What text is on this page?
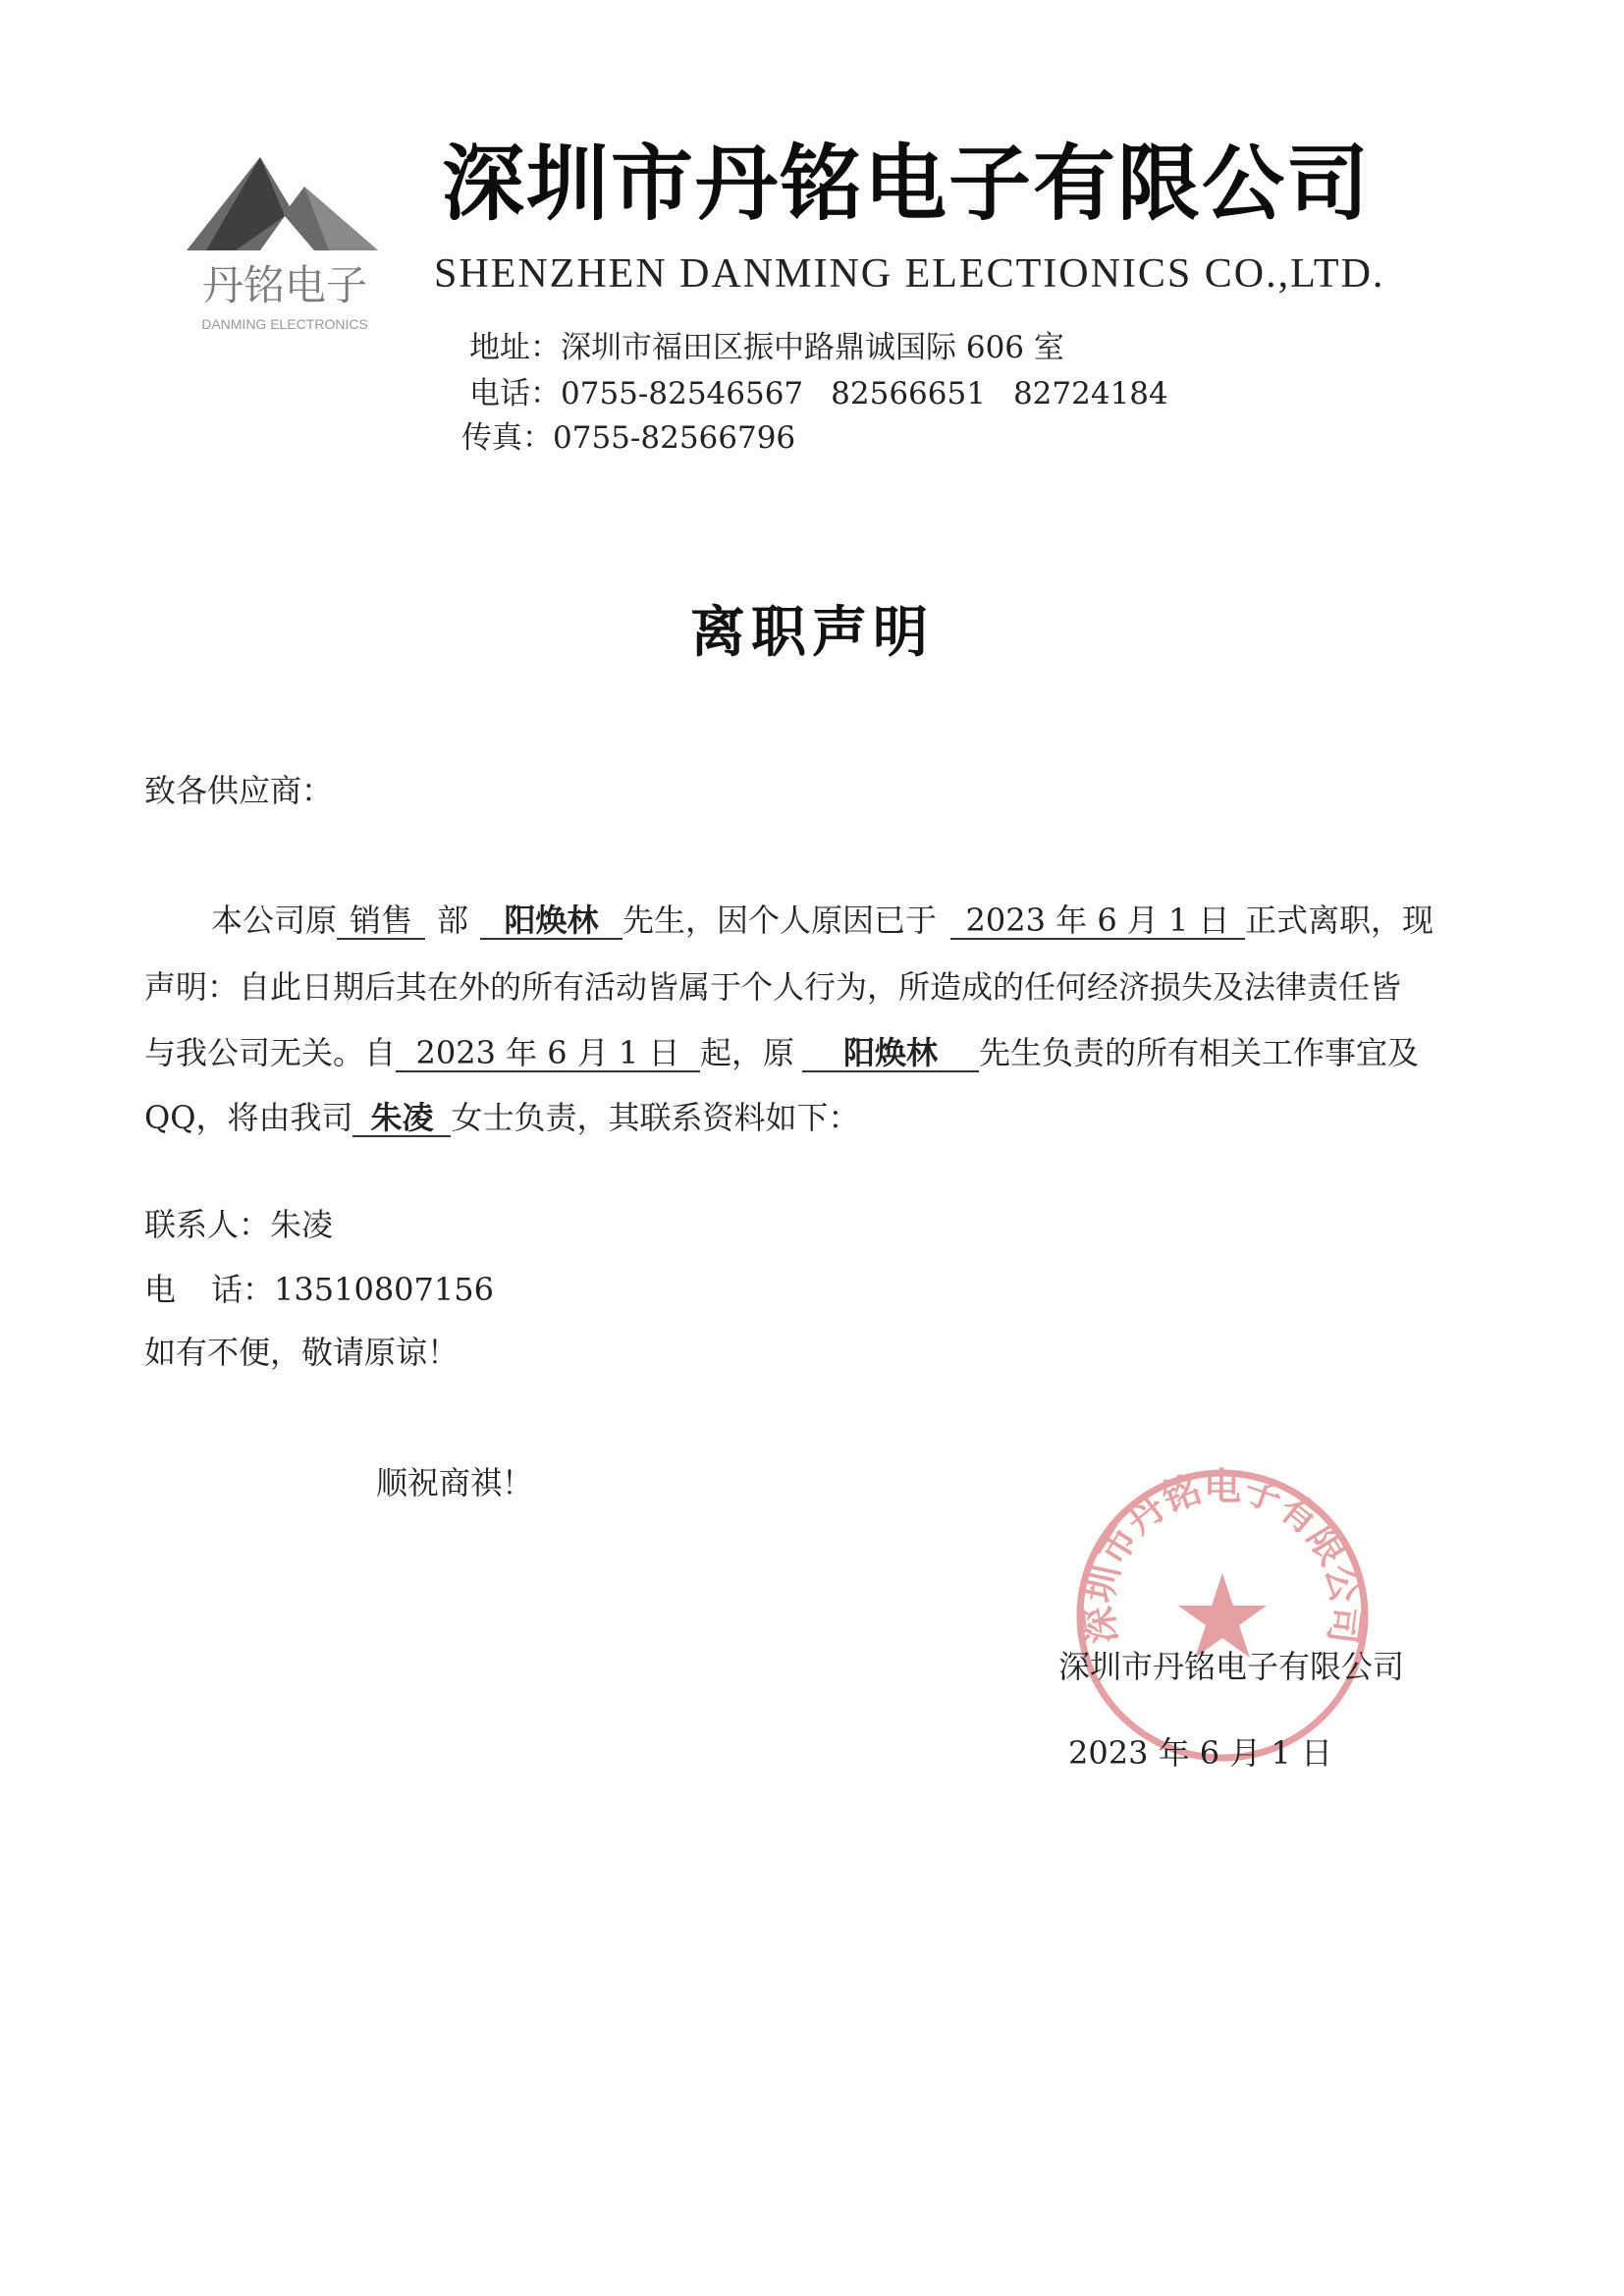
丹铭电子
DANMING ELECTRONICS
深圳市丹铭电子有限公司
SHENZHEN DANMING ELECTIONICS CO.,LTD.
地址：深圳市福田区振中路鼎诚国际 606 室
电话：0755-82546567 82566651 82724184
传真：0755-82566796
离职声明
致各供应商：
本公司原 销售 部 阳焕林 先生，因个人原因已于 2023 年 6 月 1 日 正式离职，现
声明：自此日期后其在外的所有活动皆属于个人行为，所造成的任何经济损失及法律责任皆
与我公司无关。自 2023 年 6 月 1 日 起，原 阳焕林 先生负责的所有相关工作事宜及
QQ，将由我司 朱凌 女士负责，其联系资料如下：
联系人：朱凌
电 话：13510807156
如有不便，敬请原谅！
顺祝商祺！
深圳市丹铭电子有限公司
深圳市丹铭电子有限公司
2023 年 6 月 1 日
